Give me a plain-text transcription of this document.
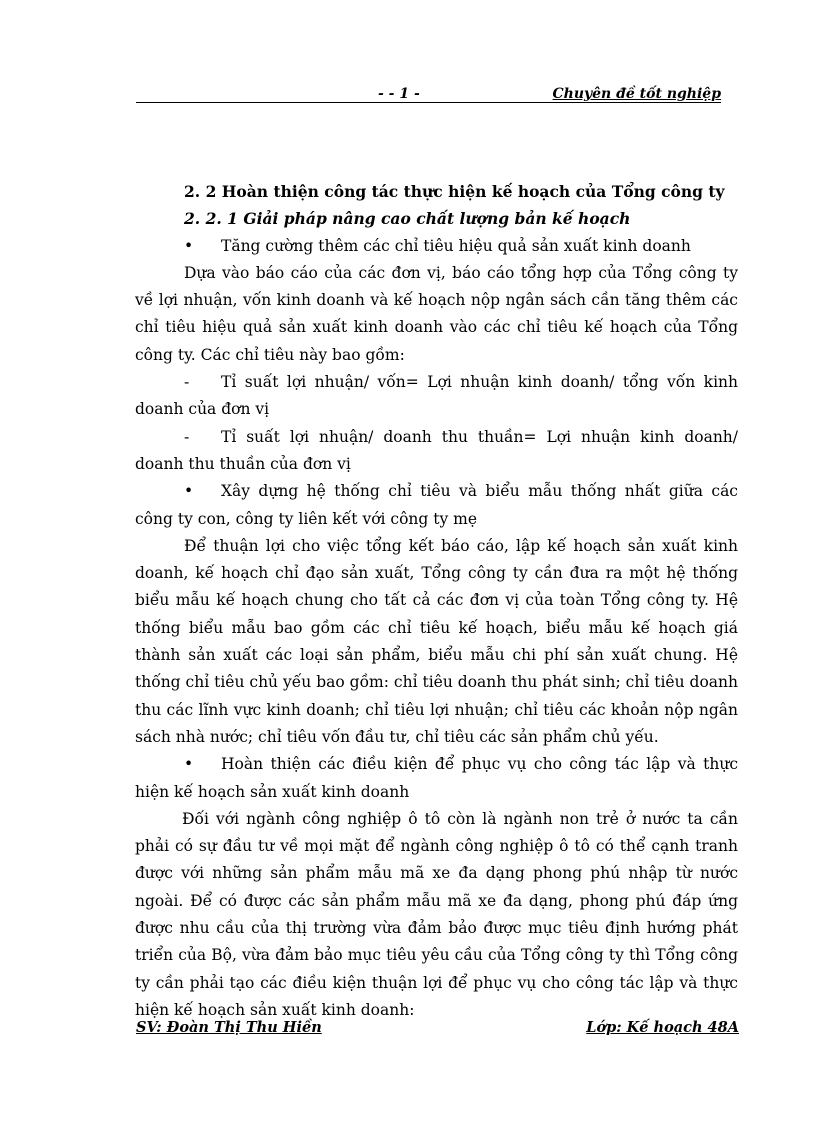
- - 1 -	Chuyên đề tốt nghiệp

2. 2 Hoàn thiện công tác thực hiện kế hoạch của Tổng công ty

2. 2. 1 Giải pháp nâng cao chất lượng bản kế hoạch

• Tăng cường thêm các chỉ tiêu hiệu quả sản xuất kinh doanh

Dựa vào báo cáo của các đơn vị, báo cáo tổng hợp của Tổng công ty về lợi nhuận, vốn kinh doanh và kế hoạch nộp ngân sách cần tăng thêm các chỉ tiêu hiệu quả sản xuất kinh doanh vào các chỉ tiêu kế hoạch của Tổng công ty. Các chỉ tiêu này bao gồm:

- Tỉ suất lợi nhuận/ vốn= Lợi nhuận kinh doanh/ tổng vốn kinh doanh của đơn vị

- Tỉ suất lợi nhuận/ doanh thu thuần= Lợi nhuận kinh doanh/ doanh thu thuần của đơn vị

• Xây dựng hệ thống chỉ tiêu và biểu mẫu thống nhất giữa các công ty con, công ty liên kết với công ty mẹ

Để thuận lợi cho việc tổng kết báo cáo, lập kế hoạch sản xuất kinh doanh, kế hoạch chỉ đạo sản xuất, Tổng công ty cần đưa ra một hệ thống biểu mẫu kế hoạch chung cho tất cả các đơn vị của toàn Tổng công ty. Hệ thống biểu mẫu bao gồm các chỉ tiêu kế hoạch, biểu mẫu kế hoạch giá thành sản xuất các loại sản phẩm, biểu mẫu chi phí sản xuất chung. Hệ thống chỉ tiêu chủ yếu bao gồm: chỉ tiêu doanh thu phát sinh; chỉ tiêu doanh thu các lĩnh vực kinh doanh; chỉ tiêu lợi nhuận; chỉ tiêu các khoản nộp ngân sách nhà nước; chỉ tiêu vốn đầu tư, chỉ tiêu các sản phẩm chủ yếu.

• Hoàn thiện các điều kiện để phục vụ cho công tác lập và thực hiện kế hoạch sản xuất kinh doanh

Đối với ngành công nghiệp ô tô còn là ngành non trẻ ở nước ta cần phải có sự đầu tư về mọi mặt để ngành công nghiệp ô tô có thể cạnh tranh được với những sản phẩm mẫu mã xe đa dạng phong phú nhập từ nước ngoài. Để có được các sản phẩm mẫu mã xe đa dạng, phong phú đáp ứng được nhu cầu của thị trường vừa đảm bảo được mục tiêu định hướng phát triển của Bộ, vừa đảm bảo mục tiêu yêu cầu của Tổng công ty thì Tổng công ty cần phải tạo các điều kiện thuận lợi để phục vụ cho công tác lập và thực hiện kế hoạch sản xuất kinh doanh:

SV: Đoàn Thị Thu Hiền	Lớp: Kế hoạch 48A
